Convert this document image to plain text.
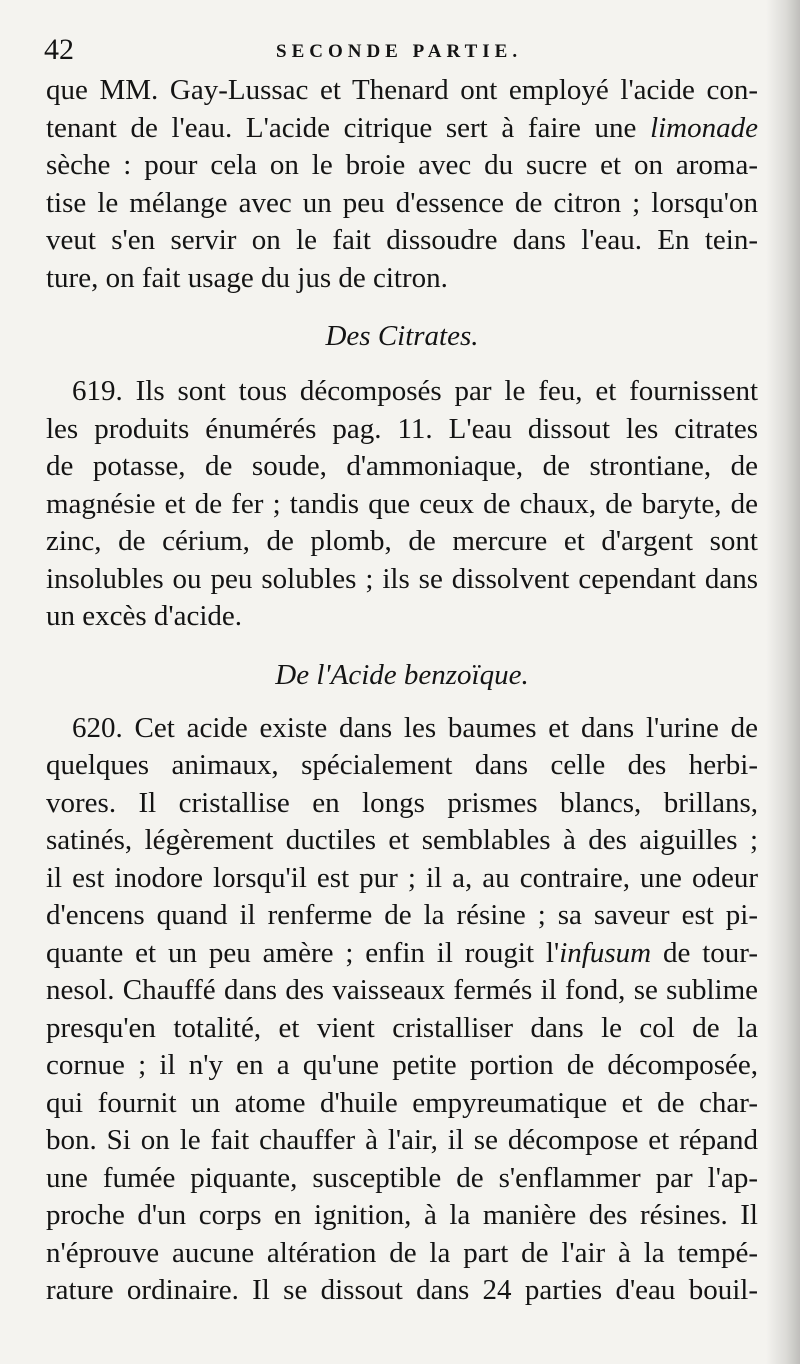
42	SECONDE PARTIE.
que MM. Gay-Lussac et Thenard ont employé l'acide con-
tenant de l'eau. L'acide citrique sert à faire une limonade
sèche : pour cela on le broie avec du sucre et on aroma-
tise le mélange avec un peu d'essence de citron ; lorsqu'on
veut s'en servir on le fait dissoudre dans l'eau. En tein-
ture, on fait usage du jus de citron.
Des Citrates.
619. Ils sont tous décomposés par le feu, et fournissent
les produits énumérés pag. 11. L'eau dissout les citrates
de potasse, de soude, d'ammoniaque, de strontiane, de
magnésie et de fer ; tandis que ceux de chaux, de baryte, de
zinc, de cérium, de plomb, de mercure et d'argent sont
insolubles ou peu solubles ; ils se dissolvent cependant dans
un excès d'acide.
De l'Acide benzoïque.
620. Cet acide existe dans les baumes et dans l'urine de
quelques animaux, spécialement dans celle des herbi-
vores. Il cristallise en longs prismes blancs, brillans,
satinés, légèrement ductiles et semblables à des aiguilles ;
il est inodore lorsqu'il est pur ; il a, au contraire, une odeur
d'encens quand il renferme de la résine ; sa saveur est pi-
quante et un peu amère ; enfin il rougit l'infusum de tour-
nesol. Chauffé dans des vaisseaux fermés il fond, se sublime
presqu'en totalité, et vient cristalliser dans le col de la
cornue ; il n'y en a qu'une petite portion de décomposée,
qui fournit un atome d'huile empyreumatique et de char-
bon. Si on le fait chauffer à l'air, il se décompose et répand
une fumée piquante, susceptible de s'enflammer par l'ap-
proche d'un corps en ignition, à la manière des résines. Il
n'éprouve aucune altération de la part de l'air à la tempé-
rature ordinaire. Il se dissout dans 24 parties d'eau bouil-
